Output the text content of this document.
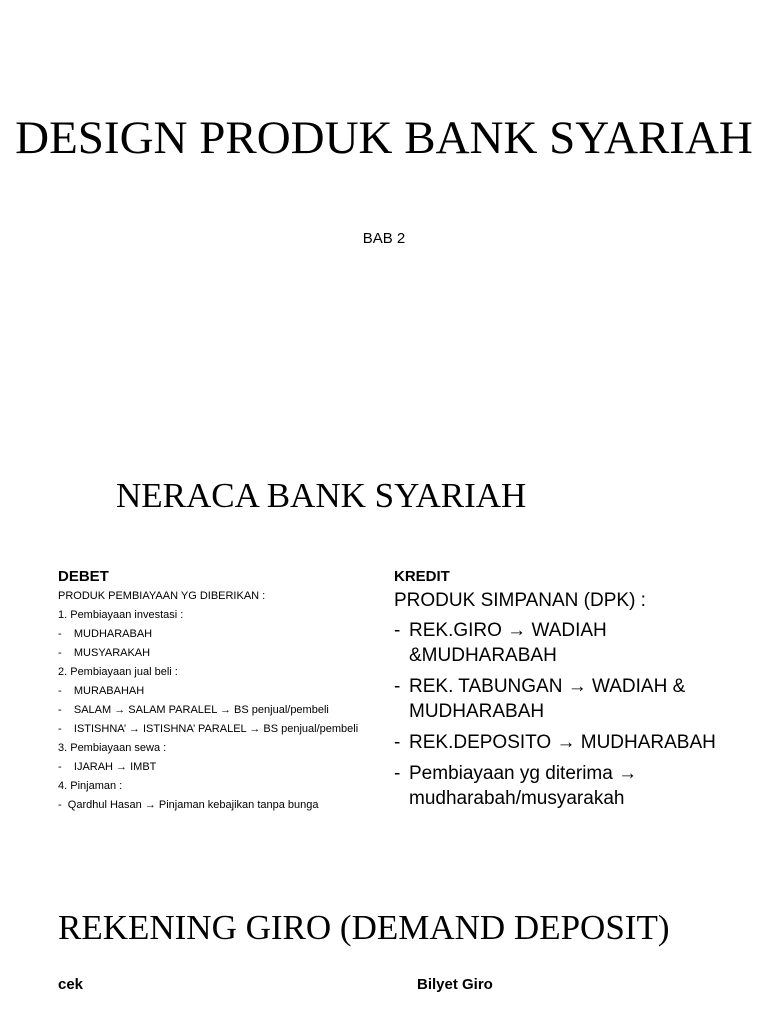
DESIGN PRODUK BANK SYARIAH
BAB 2
NERACA BANK SYARIAH
DEBET
PRODUK PEMBIAYAAN YG DIBERIKAN :
1. Pembiayaan investasi :
-    MUDHARABAH
-    MUSYARAKAH
2. Pembiayaan jual beli :
-    MURABAHAH
-    SALAM → SALAM PARALEL → BS penjual/pembeli
-    ISTISHNA’ → ISTISHNA’ PARALEL → BS penjual/pembeli
3. Pembiayaan sewa :
-    IJARAH → IMBT
4. Pinjaman :
-  Qardhul Hasan → Pinjaman kebajikan tanpa bunga
KREDIT
PRODUK SIMPANAN (DPK) :
- REK.GIRO → WADIAH &MUDHARABAH
- REK. TABUNGAN → WADIAH & MUDHARABAH
- REK.DEPOSITO → MUDHARABAH
- Pembiayaan yg diterima → mudharabah/musyarakah
REKENING GIRO (DEMAND DEPOSIT)
cek	Bilyet Giro
